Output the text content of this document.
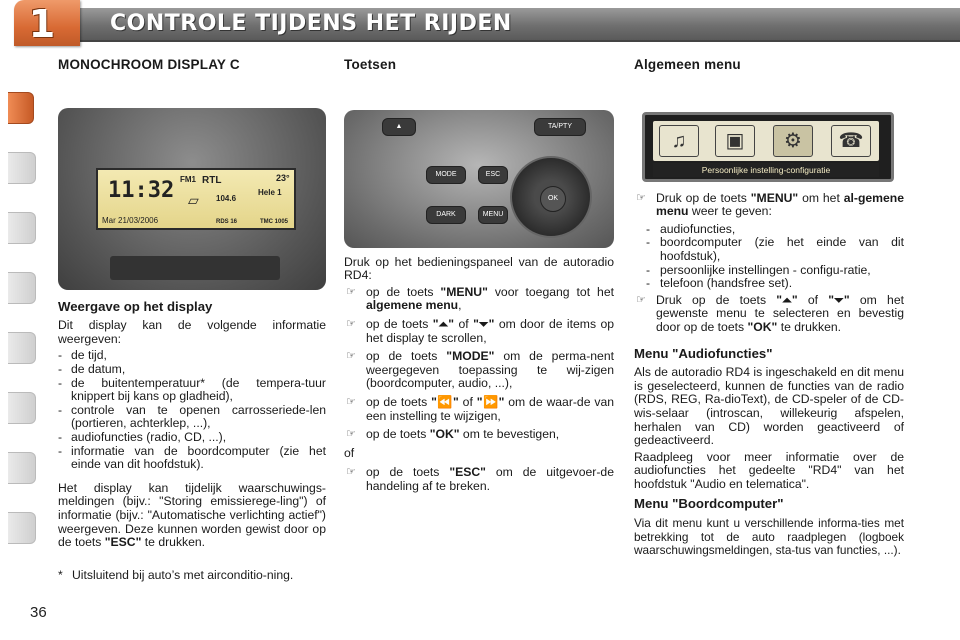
1	CONTROLE TIJDENS HET RIJDEN
36
MONOCHROOM DISPLAY C
11:32
Mar 21/03/2006
FM1 RTL	23°
Hele 1
104.6
RDS 16	TMC 1005
▱
Weergave op het display

Dit display kan de volgende informatie weergeven:

- de tijd,
- de datum,
- de buitentemperatuur* (de tempera-tuur knippert bij kans op gladheid),
- controle van te openen carrosseriede-len (portieren, achterklep, ...),
- audiofuncties (radio, CD, ...),
- informatie van de boordcomputer (zie het einde van dit hoofdstuk).

Het display kan tijdelijk waarschuwings-meldingen (bijv.: "Storing emissierege-ling") of informatie (bijv.: "Automatische verlichting actief") weergeven. Deze kunnen worden gewist door op de toets "ESC" te drukken.

* Uitsluitend bij auto’s met airconditio-ning.

Toetsen
▲	TA/PTY
MODE
DARK
ESC
MENU
OK

Druk op het bedieningspaneel van de autoradio RD4:

☞ op de toets "MENU" voor toegang tot het algemene menu,
☞ op de toets "⏶" of "⏷" om door de items op het display te scrollen,
☞ op de toets "MODE" om de perma-nent weergegeven toepassing te wij-zigen (boordcomputer, audio, ...),
☞ op de toets "⏪" of "⏩" om de waar-de van een instelling te wijzigen,
☞ op de toets "OK" om te bevestigen,

of

☞ op de toets "ESC" om de uitgevoer-de handeling af te breken.
Algemeen menu
♫	▣	⚙	☎
Persoonlijke instelling-configuratie
☞ Druk op de toets "MENU" om het al-gemene menu weer te geven:
- audiofuncties,
- boordcomputer (zie het einde van dit hoofdstuk),
- persoonlijke instellingen - configu-ratie,
- telefoon (handsfree set).
☞ Druk op de toets "⏶" of "⏷" om het gewenste menu te selecteren en bevestig door op de toets "OK" te drukken.
Menu "Audiofuncties"

Als de autoradio RD4 is ingeschakeld en dit menu is geselecteerd, kunnen de functies van de radio (RDS, REG, Ra-dioText), de CD-speler of de CD-wis-selaar (introscan, willekeurig afspelen, herhalen van CD) worden geactiveerd of gedeactiveerd.

Raadpleeg voor meer informatie over de audiofuncties het gedeelte "RD4" van het hoofdstuk "Audio en telematica".

Menu "Boordcomputer"

Via dit menu kunt u verschillende informa-ties met betrekking tot de auto raadplegen (logboek waarschuwingsmeldingen, sta-tus van functies, ...).
